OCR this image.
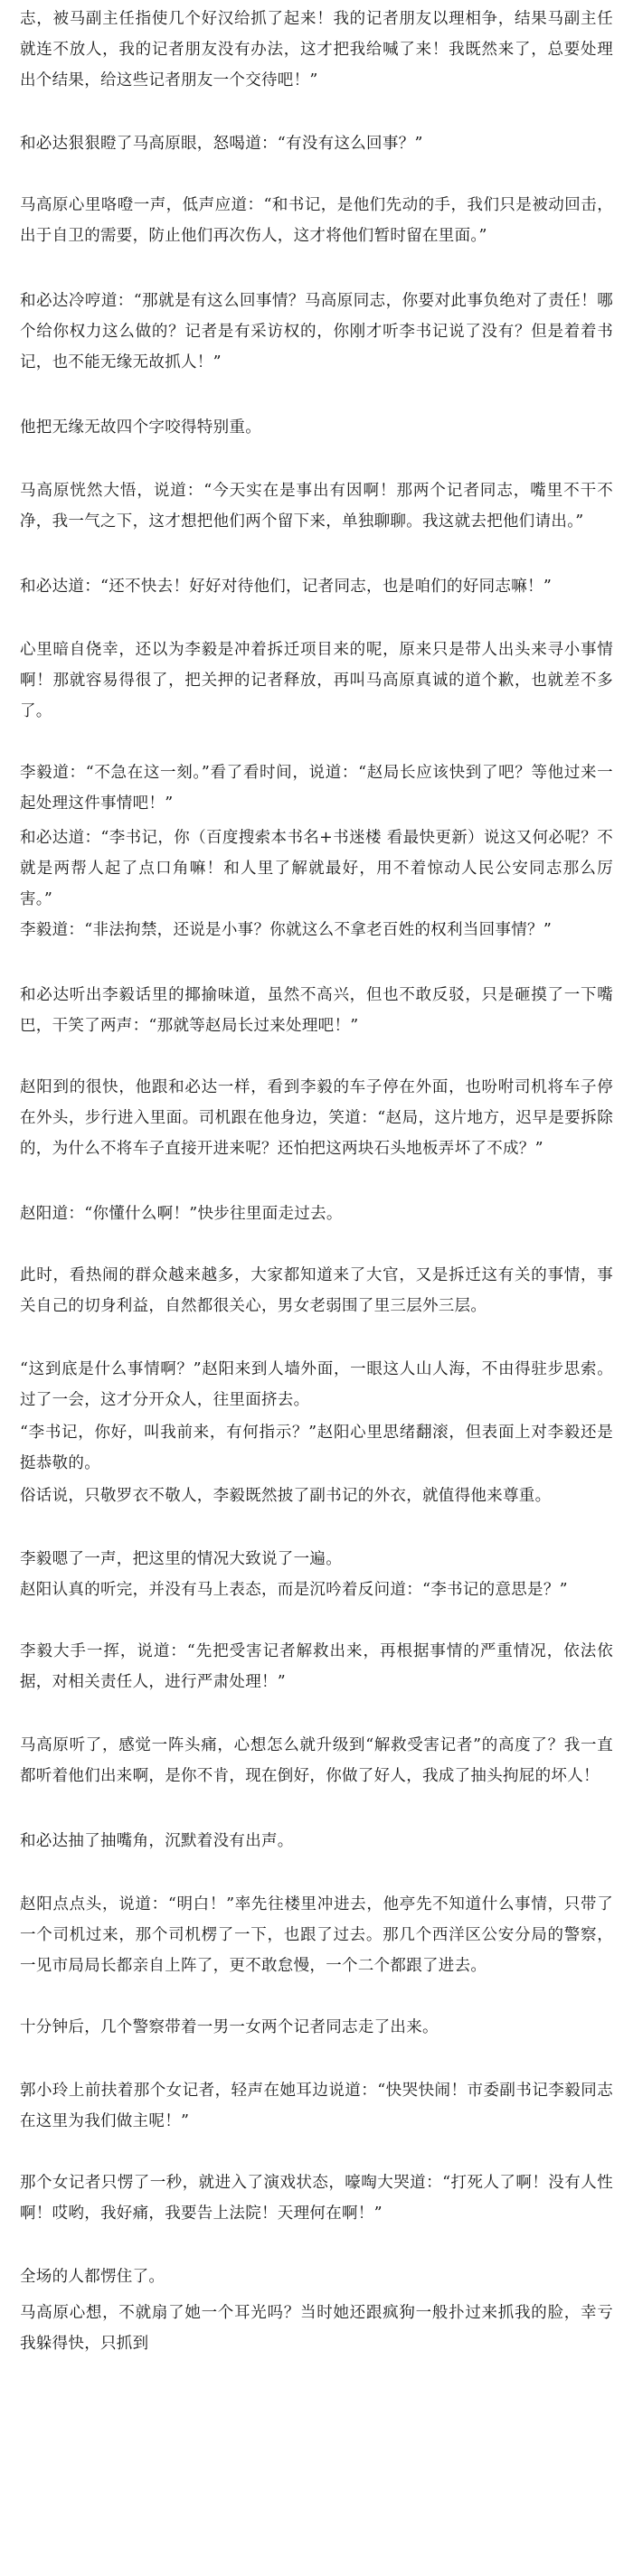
志，被马副主任指使几个好汉给抓了起来！我的记者朋友以理相争，结果马副主任就连不放人，我的记者朋友没有办法，这才把我给喊了来！我既然来了，总要处理出个结果，给这些记者朋友一个交待吧！”

和必达狠狠瞪了马高原眼，怒喝道：“有没有这么回事？”

马高原心里咯噔一声，低声应道：“和书记，是他们先动的手，我们只是被动回击，出于自卫的需要，防止他们再次伤人，这才将他们暂时留在里面。”

和必达冷哼道：“那就是有这么回事情？马高原同志，你要对此事负绝对了责任！哪个给你权力这么做的？记者是有采访权的，你刚才听李书记说了没有？但是着着书记，也不能无缘无故抓人！”

他把无缘无故四个字咬得特别重。

马高原恍然大悟，说道：“今天实在是事出有因啊！那两个记者同志，嘴里不干不净，我一气之下，这才想把他们两个留下来，单独聊聊。我这就去把他们请出。”

和必达道：“还不快去！好好对待他们，记者同志，也是咱们的好同志嘛！”

心里暗自侥幸，还以为李毅是冲着拆迁项目来的呢，原来只是带人出头来寻小事情啊！那就容易得很了，把关押的记者释放，再叫马高原真诚的道个歉，也就差不多了。

李毅道：“不急在这一刻。”看了看时间，说道：“赵局长应该快到了吧？等他过来一起处理这件事情吧！”

和必达道：“李书记，你（百度搜索本书名+书迷楼 看最快更新）说这又何必呢？不就是两帮人起了点口角嘛！和人里了解就最好，用不着惊动人民公安同志那么厉害。”

李毅道：“非法拘禁，还说是小事？你就这么不拿老百姓的权利当回事情？”

和必达听出李毅话里的揶揄味道，虽然不高兴，但也不敢反驳，只是砸摸了一下嘴巴，干笑了两声：“那就等赵局长过来处理吧！”

赵阳到的很快，他跟和必达一样，看到李毅的车子停在外面，也吩咐司机将车子停在外头，步行进入里面。司机跟在他身边，笑道：“赵局，这片地方，迟早是要拆除的，为什么不将车子直接开进来呢？还怕把这两块石头地板弄坏了不成？”

赵阳道：“你懂什么啊！”快步往里面走过去。

此时，看热闹的群众越来越多，大家都知道来了大官，又是拆迁这有关的事情，事关自己的切身利益，自然都很关心，男女老弱围了里三层外三层。

“这到底是什么事情啊？”赵阳来到人墙外面，一眼这人山人海，不由得驻步思索。过了一会，这才分开众人，往里面挤去。

“李书记，你好，叫我前来，有何指示？”赵阳心里思绪翻滚，但表面上对李毅还是挺恭敬的。

俗话说，只敬罗衣不敬人，李毅既然披了副书记的外衣，就值得他来尊重。

李毅嗯了一声，把这里的情况大致说了一遍。

赵阳认真的听完，并没有马上表态，而是沉吟着反问道：“李书记的意思是？”

李毅大手一挥，说道：“先把受害记者解救出来，再根据事情的严重情况，依法依据，对相关责任人，进行严肃处理！”

马高原听了，感觉一阵头痛，心想怎么就升级到“解救受害记者”的高度了？我一直都听着他们出来啊，是你不肯，现在倒好，你做了好人，我成了抽头拘屁的坏人！

和必达抽了抽嘴角，沉默着没有出声。

赵阳点点头，说道：“明白！”率先往楼里冲进去，他亭先不知道什么事情，只带了一个司机过来，那个司机楞了一下，也跟了过去。那几个西洋区公安分局的警察，一见市局局长都亲自上阵了，更不敢怠慢，一个二个都跟了进去。

十分钟后，几个警察带着一男一女两个记者同志走了出来。

郭小玲上前扶着那个女记者，轻声在她耳边说道：“快哭快闹！市委副书记李毅同志在这里为我们做主呢！”

那个女记者只愣了一秒，就进入了演戏状态，嚎啕大哭道：“打死人了啊！没有人性啊！哎哟，我好痛，我要告上法院！天理何在啊！”

全场的人都愣住了。

马高原心想，不就扇了她一个耳光吗？当时她还跟疯狗一般扑过来抓我的脸，幸亏我躲得快，只抓到
